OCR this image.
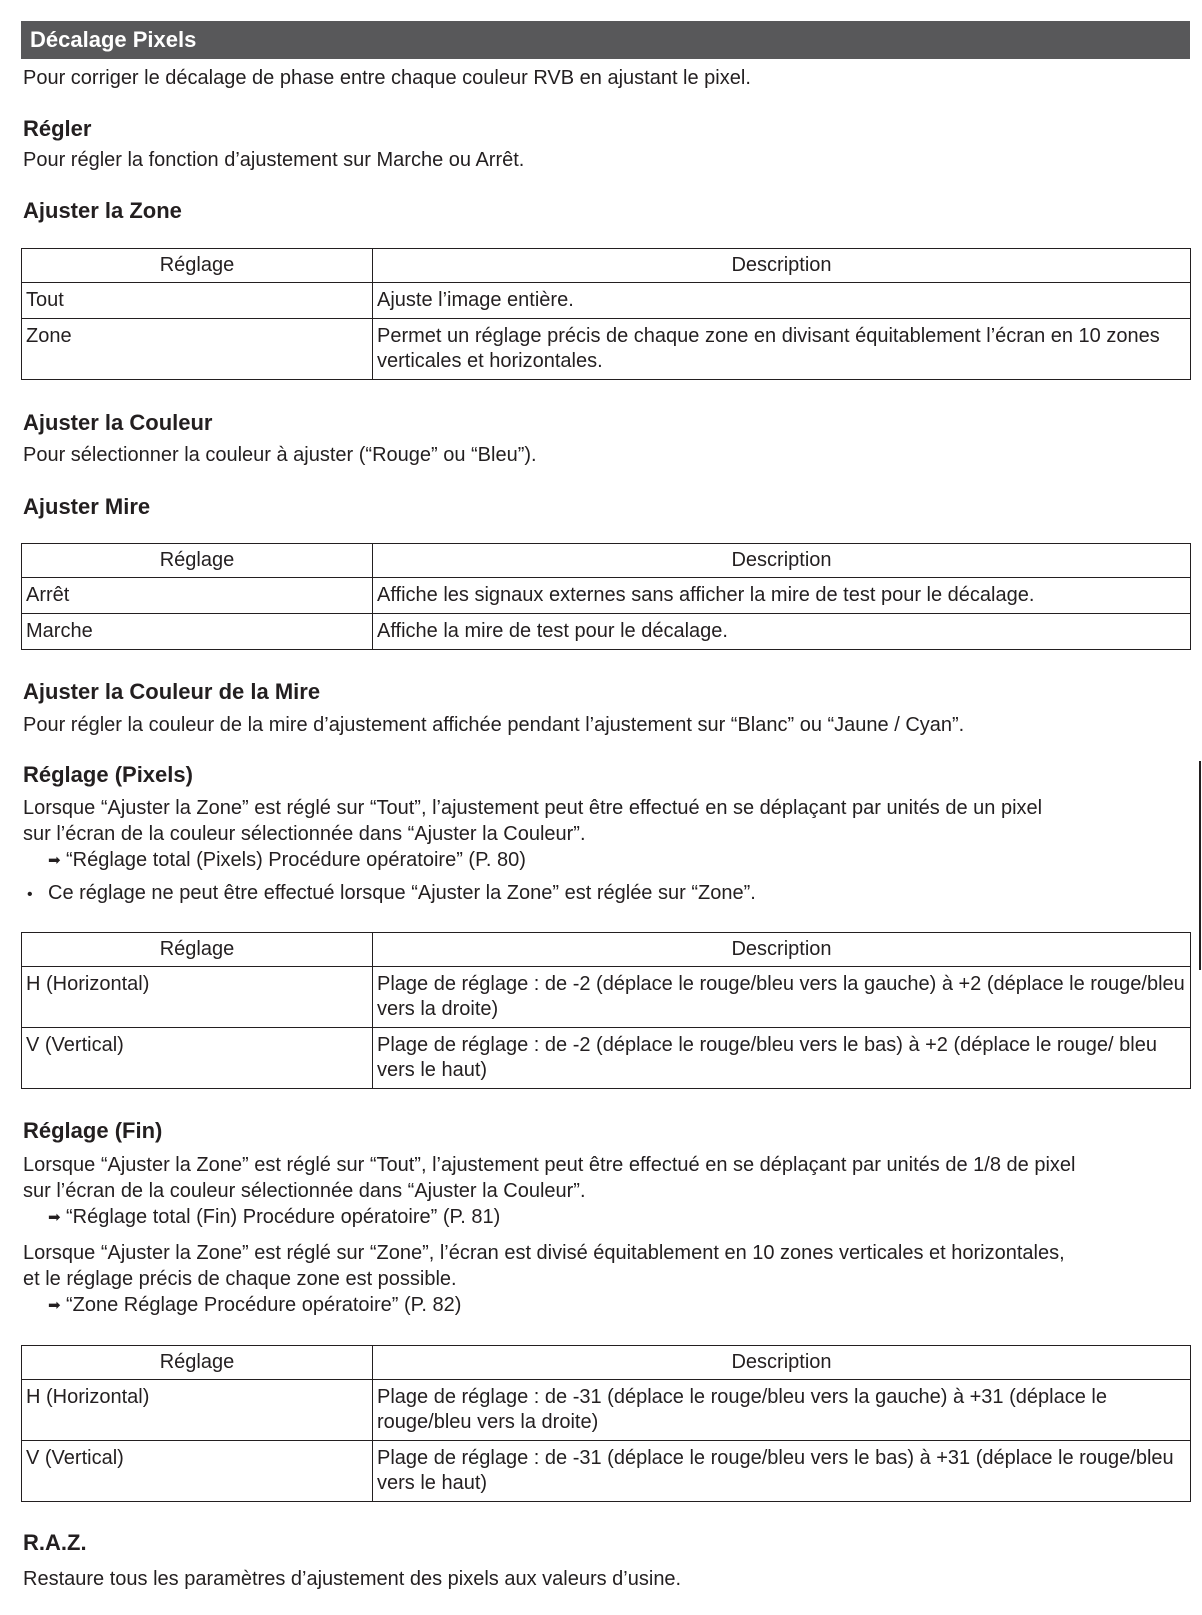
Décalage Pixels
Pour corriger le décalage de phase entre chaque couleur RVB en ajustant le pixel.
Régler
Pour régler la fonction d’ajustement sur Marche ou Arrêt.
Ajuster la Zone
Réglage	Description
Tout	Ajuste l’image entière.
Zone	Permet un réglage précis de chaque zone en divisant équitablement l’écran en 10 zones verticales et horizontales.
Ajuster la Couleur
Pour sélectionner la couleur à ajuster (“Rouge” ou “Bleu”).
Ajuster Mire
Réglage	Description
Arrêt	Affiche les signaux externes sans afficher la mire de test pour le décalage.
Marche	Affiche la mire de test pour le décalage.
Ajuster la Couleur de la Mire
Pour régler la couleur de la mire d’ajustement affichée pendant l’ajustement sur “Blanc” ou “Jaune / Cyan”.
Réglage (Pixels)
Lorsque “Ajuster la Zone” est réglé sur “Tout”, l’ajustement peut être effectué en se déplaçant par unités de un pixel
sur l’écran de la couleur sélectionnée dans “Ajuster la Couleur”.
➡ “Réglage total (Pixels) Procédure opératoire” (P. 80)
• Ce réglage ne peut être effectué lorsque “Ajuster la Zone” est réglée sur “Zone”.
Réglage	Description
H (Horizontal)	Plage de réglage : de -2 (déplace le rouge/bleu vers la gauche) à +2 (déplace le rouge/bleu vers la droite)
V (Vertical)	Plage de réglage : de -2 (déplace le rouge/bleu vers le bas) à +2 (déplace le rouge/ bleu vers le haut)
Réglage (Fin)
Lorsque “Ajuster la Zone” est réglé sur “Tout”, l’ajustement peut être effectué en se déplaçant par unités de 1/8 de pixel
sur l’écran de la couleur sélectionnée dans “Ajuster la Couleur”.
➡ “Réglage total (Fin) Procédure opératoire” (P. 81)
Lorsque “Ajuster la Zone” est réglé sur “Zone”, l’écran est divisé équitablement en 10 zones verticales et horizontales,
et le réglage précis de chaque zone est possible.
➡ “Zone Réglage Procédure opératoire” (P. 82)
Réglage	Description
H (Horizontal)	Plage de réglage : de -31 (déplace le rouge/bleu vers la gauche) à +31 (déplace le rouge/bleu vers la droite)
V (Vertical)	Plage de réglage : de -31 (déplace le rouge/bleu vers le bas) à +31 (déplace le rouge/bleu vers le haut)
R.A.Z.
Restaure tous les paramètres d’ajustement des pixels aux valeurs d’usine.
